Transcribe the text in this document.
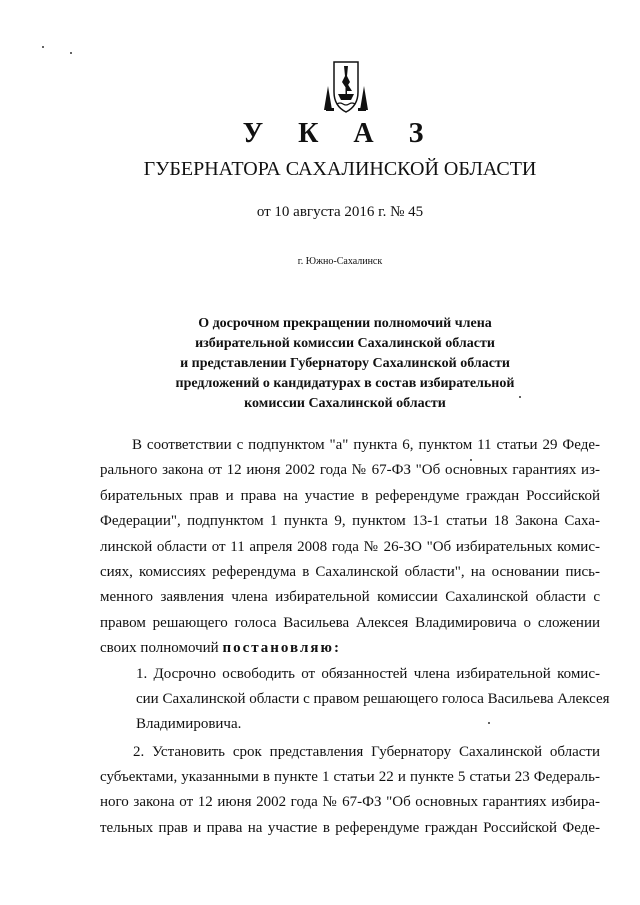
У К А З
ГУБЕРНАТОРА САХАЛИНСКОЙ ОБЛАСТИ
от 10 августа 2016 г. № 45
г. Южно-Сахалинск
О досрочном прекращении полномочий члена
избирательной комиссии Сахалинской области
и представлении Губернатору Сахалинской области
предложений о кандидатурах в состав избирательной
комиссии Сахалинской области
В соответствии с подпунктом "а" пункта 6, пунктом 11 статьи 29 Феде-
рального закона от 12 июня 2002 года № 67-ФЗ "Об основных гарантиях из-
бирательных прав и права на участие в референдуме граждан Российской
Федерации", подпунктом 1 пункта 9, пунктом 13-1 статьи 18 Закона Саха-
линской области от 11 апреля 2008 года № 26-ЗО "Об избирательных комис-
сиях, комиссиях референдума в Сахалинской области", на основании пись-
менного заявления члена избирательной комиссии Сахалинской области с
правом решающего голоса Васильева Алексея Владимировича о сложении
своих полномочий постановляю:
1. Досрочно освободить от обязанностей члена избирательной комис-
сии Сахалинской области с правом решающего голоса Васильева Алексея
Владимировича.
2. Установить срок представления Губернатору Сахалинской области
субъектами, указанными в пункте 1 статьи 22 и пункте 5 статьи 23 Федераль-
ного закона от 12 июня 2002 года № 67-ФЗ "Об основных гарантиях избира-
тельных прав и права на участие в референдуме граждан Российской Феде-
